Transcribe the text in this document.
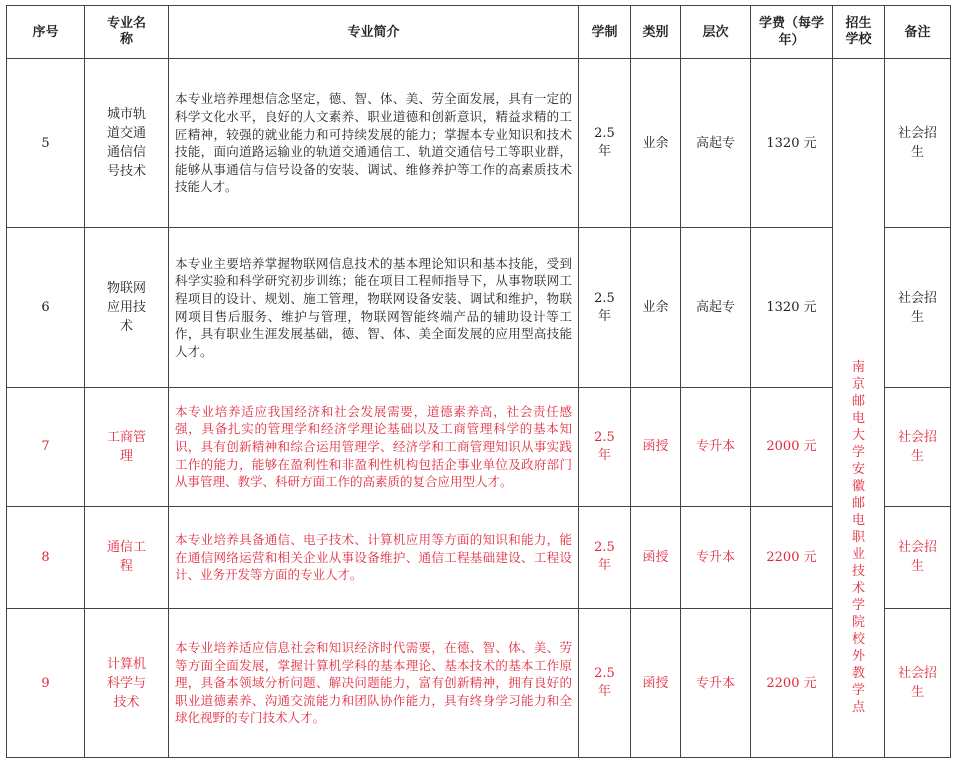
序号	专业名称	专业简介	学制	类别	层次	学费（每学年）	招生学校	备注
5	城市轨道交通通信信号技术	本专业培养理想信念坚定，德、智、体、美、劳全面发展，具有一定的科学文化水平，良好的人文素养、职业道德和创新意识，精益求精的工匠精神，较强的就业能力和可持续发展的能力；掌握本专业知识和技术技能，面向道路运输业的轨道交通通信工、轨道交通信号工等职业群，能够从事通信与信号设备的安装、调试、维修养护等工作的高素质技术技能人才。	2.5年	业余	高起专	1320 元	南京邮电大学安徽邮电职业技术学院校外教学点	社会招生
6	物联网应用技术	本专业主要培养掌握物联网信息技术的基本理论知识和基本技能，受到科学实验和科学研究初步训练；能在项目工程师指导下，从事物联网工程项目的设计、规划、施工管理，物联网设备安装、调试和维护，物联网项目售后服务、维护与管理，物联网智能终端产品的辅助设计等工作，具有职业生涯发展基础，德、智、体、美全面发展的应用型高技能人才。	2.5年	业余	高起专	1320 元		社会招生
7	工商管理	本专业培养适应我国经济和社会发展需要，道德素养高，社会责任感强，具备扎实的管理学和经济学理论基础以及工商管理科学的基本知识，具有创新精神和综合运用管理学、经济学和工商管理知识从事实践工作的能力，能够在盈利性和非盈利性机构包括企事业单位及政府部门从事管理、教学、科研方面工作的高素质的复合应用型人才。	2.5年	函授	专升本	2000 元		社会招生
8	通信工程	本专业培养具备通信、电子技术、计算机应用等方面的知识和能力，能在通信网络运营和相关企业从事设备维护、通信工程基础建设、工程设计、业务开发等方面的专业人才。	2.5年	函授	专升本	2200 元		社会招生
9	计算机科学与技术	本专业培养适应信息社会和知识经济时代需要，在德、智、体、美、劳等方面全面发展，掌握计算机学科的基本理论、基本技术的基本工作原理，具备本领域分析问题、解决问题能力，富有创新精神，拥有良好的职业道德素养、沟通交流能力和团队协作能力，具有终身学习能力和全球化视野的专门技术人才。	2.5年	函授	专升本	2200 元		社会招生
